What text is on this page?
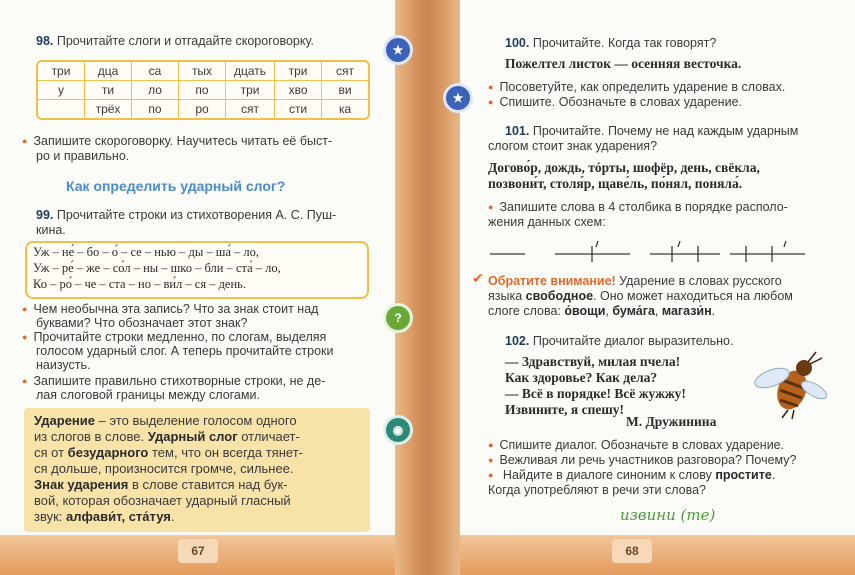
67	68
98. Прочитайте слоги и отгадайте скороговорку.
★
три	дца	са	тых	дцать	три	сят
у	ти	ло	по	три	хво	ви
	трёх	по	ро	сят	сти	ка
● Запишите скороговорку. Научитесь читать её быст-
ро и правильно.
Как определить ударный слог?
99. Прочитайте строки из стихотворения А. С. Пуш-
кина.
Уж – не́ – бо – о́ – се – нью – ды – ша́ – ло,
Уж – ре́ – же – со́л – ны – шко – бли – ста́ – ло,
Ко – ро́ – че – ста – но – ви́л – ся – день.
● Чем необычна эта запись? Что за знак стоит над
буквами? Что обозначает этот знак?	?
● Прочитайте строки медленно, по слогам, выделяя
голосом ударный слог. А теперь прочитайте строки
наизусть.
● Запишите правильно стихотворные строки, не де-
лая слоговой границы между слогами.
◉
Ударение – это выделение голосом одного
из слогов в слове. Ударный слог отличает-
ся от безударного тем, что он всегда тянет-
ся дольше, произносится громче, сильнее.
Знак ударения в слове ставится над бук-
вой, которая обозначает ударный гласный
звук: алфави́т, ста́туя.
100. Прочитайте. Когда так говорят?
Пожелтел листок — осенняя весточка.
★
● Посоветуйте, как определить ударение в словах.
● Спишите. Обозначьте в словах ударение.
101. Прочитайте. Почему не над каждым ударным
слогом стоит знак ударения?
Догово́р, дождь, тóрты, шофёр, день, свёкла,
позвони́т, столя́р, щаве́ль, по́нял, поняла́.
● Запишите слова в 4 столбика в порядке располо-
жения данных схем:
✔ Обратите внимание! Ударение в словах русского
языка свободное. Оно может находиться на любом
слоге слова: о́вощи, бума́га, магази́н.
102. Прочитайте диалог выразительно.
— Здравствуй, милая пчела!
Как здоровье? Как дела?
— Всё в порядке! Всё жужжу!
Извините, я спешу!
М. Дружинина
● Спишите диалог. Обозначьте в словах ударение.
● Вежливая ли речь участников разговора? Почему?
● Найдите в диалоге синоним к слову простите.
Когда употребляют в речи эти слова?
извини (те)
